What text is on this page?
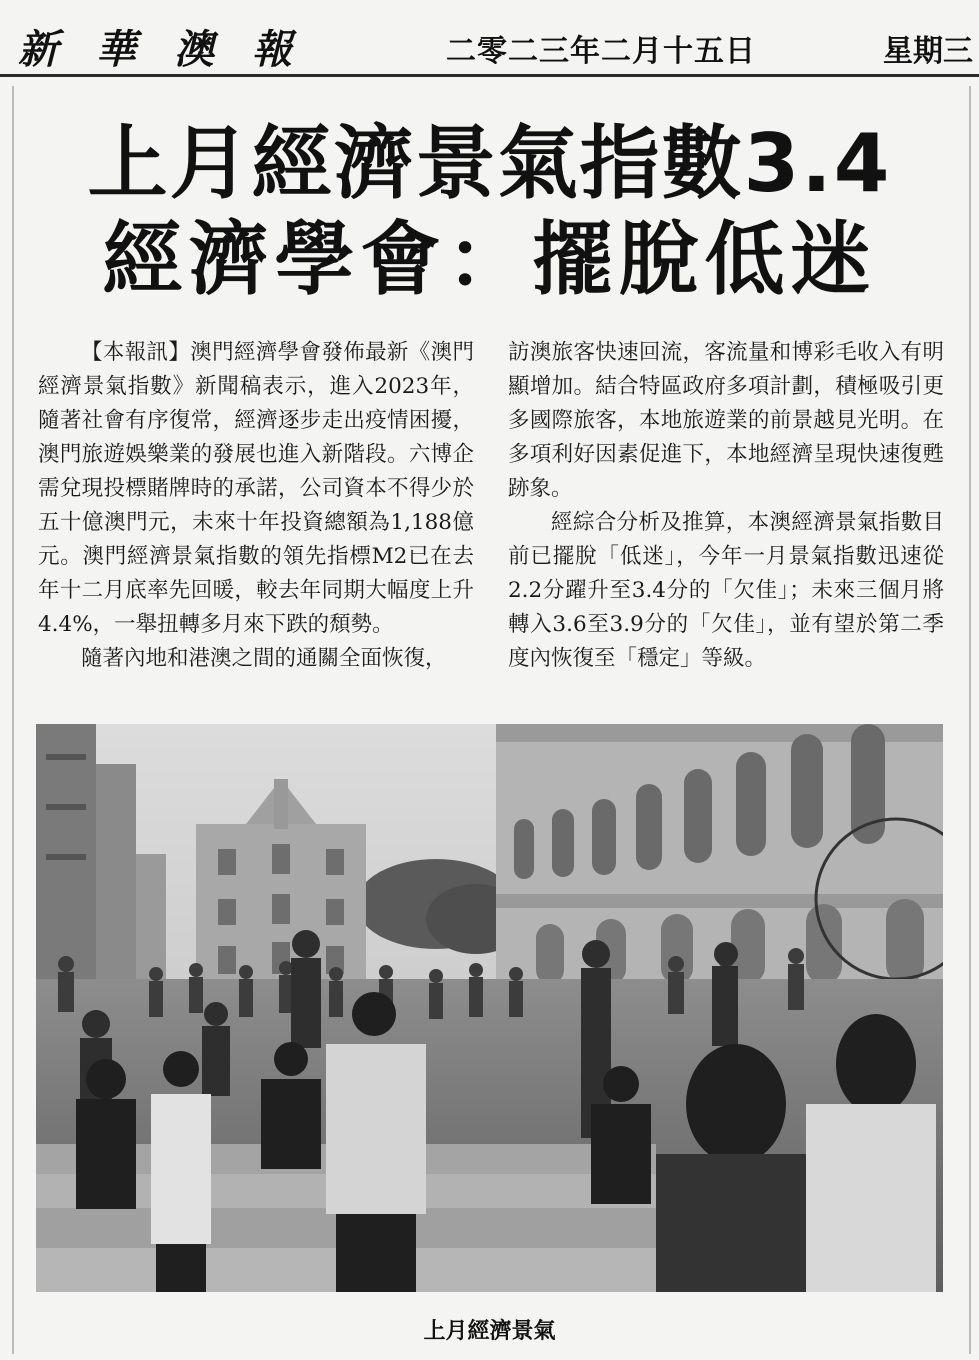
新華澳報	二零二三年二月十五日	星期三
上月經濟景氣指數3.4
經濟學會：擺脫低迷

【本報訊】澳門經濟學會發佈最新《澳門經濟景氣指數》新聞稿表示，進入2023年，隨著社會有序復常，經濟逐步走出疫情困擾，澳門旅遊娛樂業的發展也進入新階段。六博企需兌現投標賭牌時的承諾，公司資本不得少於五十億澳門元，未來十年投資總額為1,188億元。澳門經濟景氣指數的領先指標M2已在去年十二月底率先回暖，較去年同期大幅度上升4.4%，一舉扭轉多月來下跌的頹勢。

隨著內地和港澳之間的通關全面恢復，

訪澳旅客快速回流，客流量和博彩毛收入有明顯增加。結合特區政府多項計劃，積極吸引更多國際旅客，本地旅遊業的前景越見光明。在多項利好因素促進下，本地經濟呈現快速復甦跡象。

經綜合分析及推算，本澳經濟景氣指數目前已擺脫「低迷」，今年一月景氣指數迅速從2.2分躍升至3.4分的「欠佳」；未來三個月將轉入3.6至3.9分的「欠佳」，並有望於第二季度內恢復至「穩定」等級。

上月經濟景氣
